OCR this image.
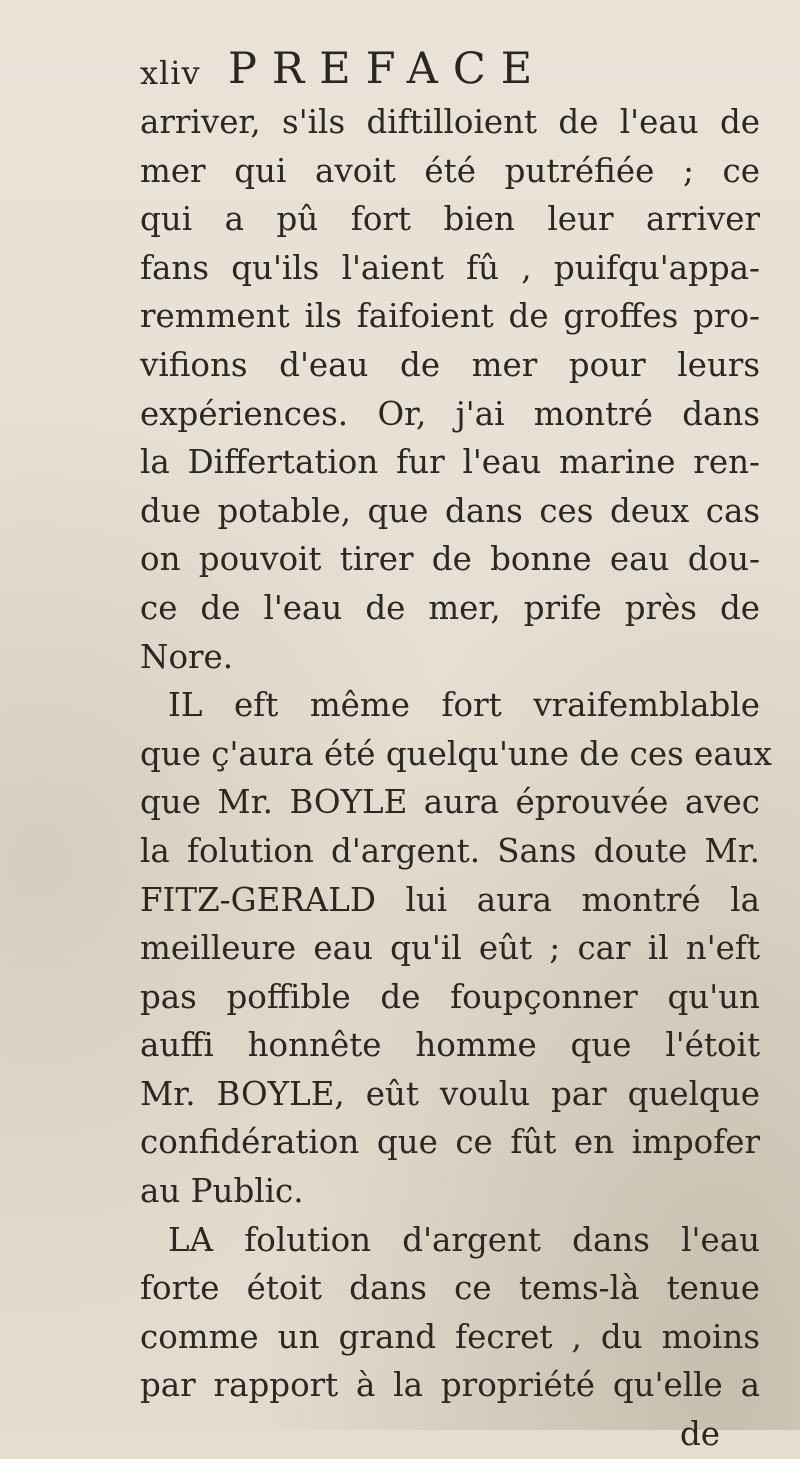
xliv PREFACE
arriver, s'ils diftilloient de l'eau de
mer qui avoit été putréfiée ; ce
qui a pû fort bien leur arriver
fans qu'ils l'aient fû , puifqu'appa-
remment ils faifoient de groffes pro-
vifions d'eau de mer pour leurs
expériences. Or, j'ai montré dans
la Differtation fur l'eau marine ren-
due potable, que dans ces deux cas
on pouvoit tirer de bonne eau dou-
ce de l'eau de mer, prife près de
Nore.
IL eft même fort vraifemblable
que ç'aura été quelqu'une de ces eaux
que Mr. BOYLE aura éprouvée avec
la folution d'argent. Sans doute Mr.
FITZ-GERALD lui aura montré la
meilleure eau qu'il eût ; car il n'eft
pas poffible de foupçonner qu'un
auffi honnête homme que l'étoit
Mr. BOYLE, eût voulu par quelque
confidération que ce fût en impofer
au Public.
LA folution d'argent dans l'eau
forte étoit dans ce tems-là tenue
comme un grand fecret , du moins
par rapport à la propriété qu'elle a
de
